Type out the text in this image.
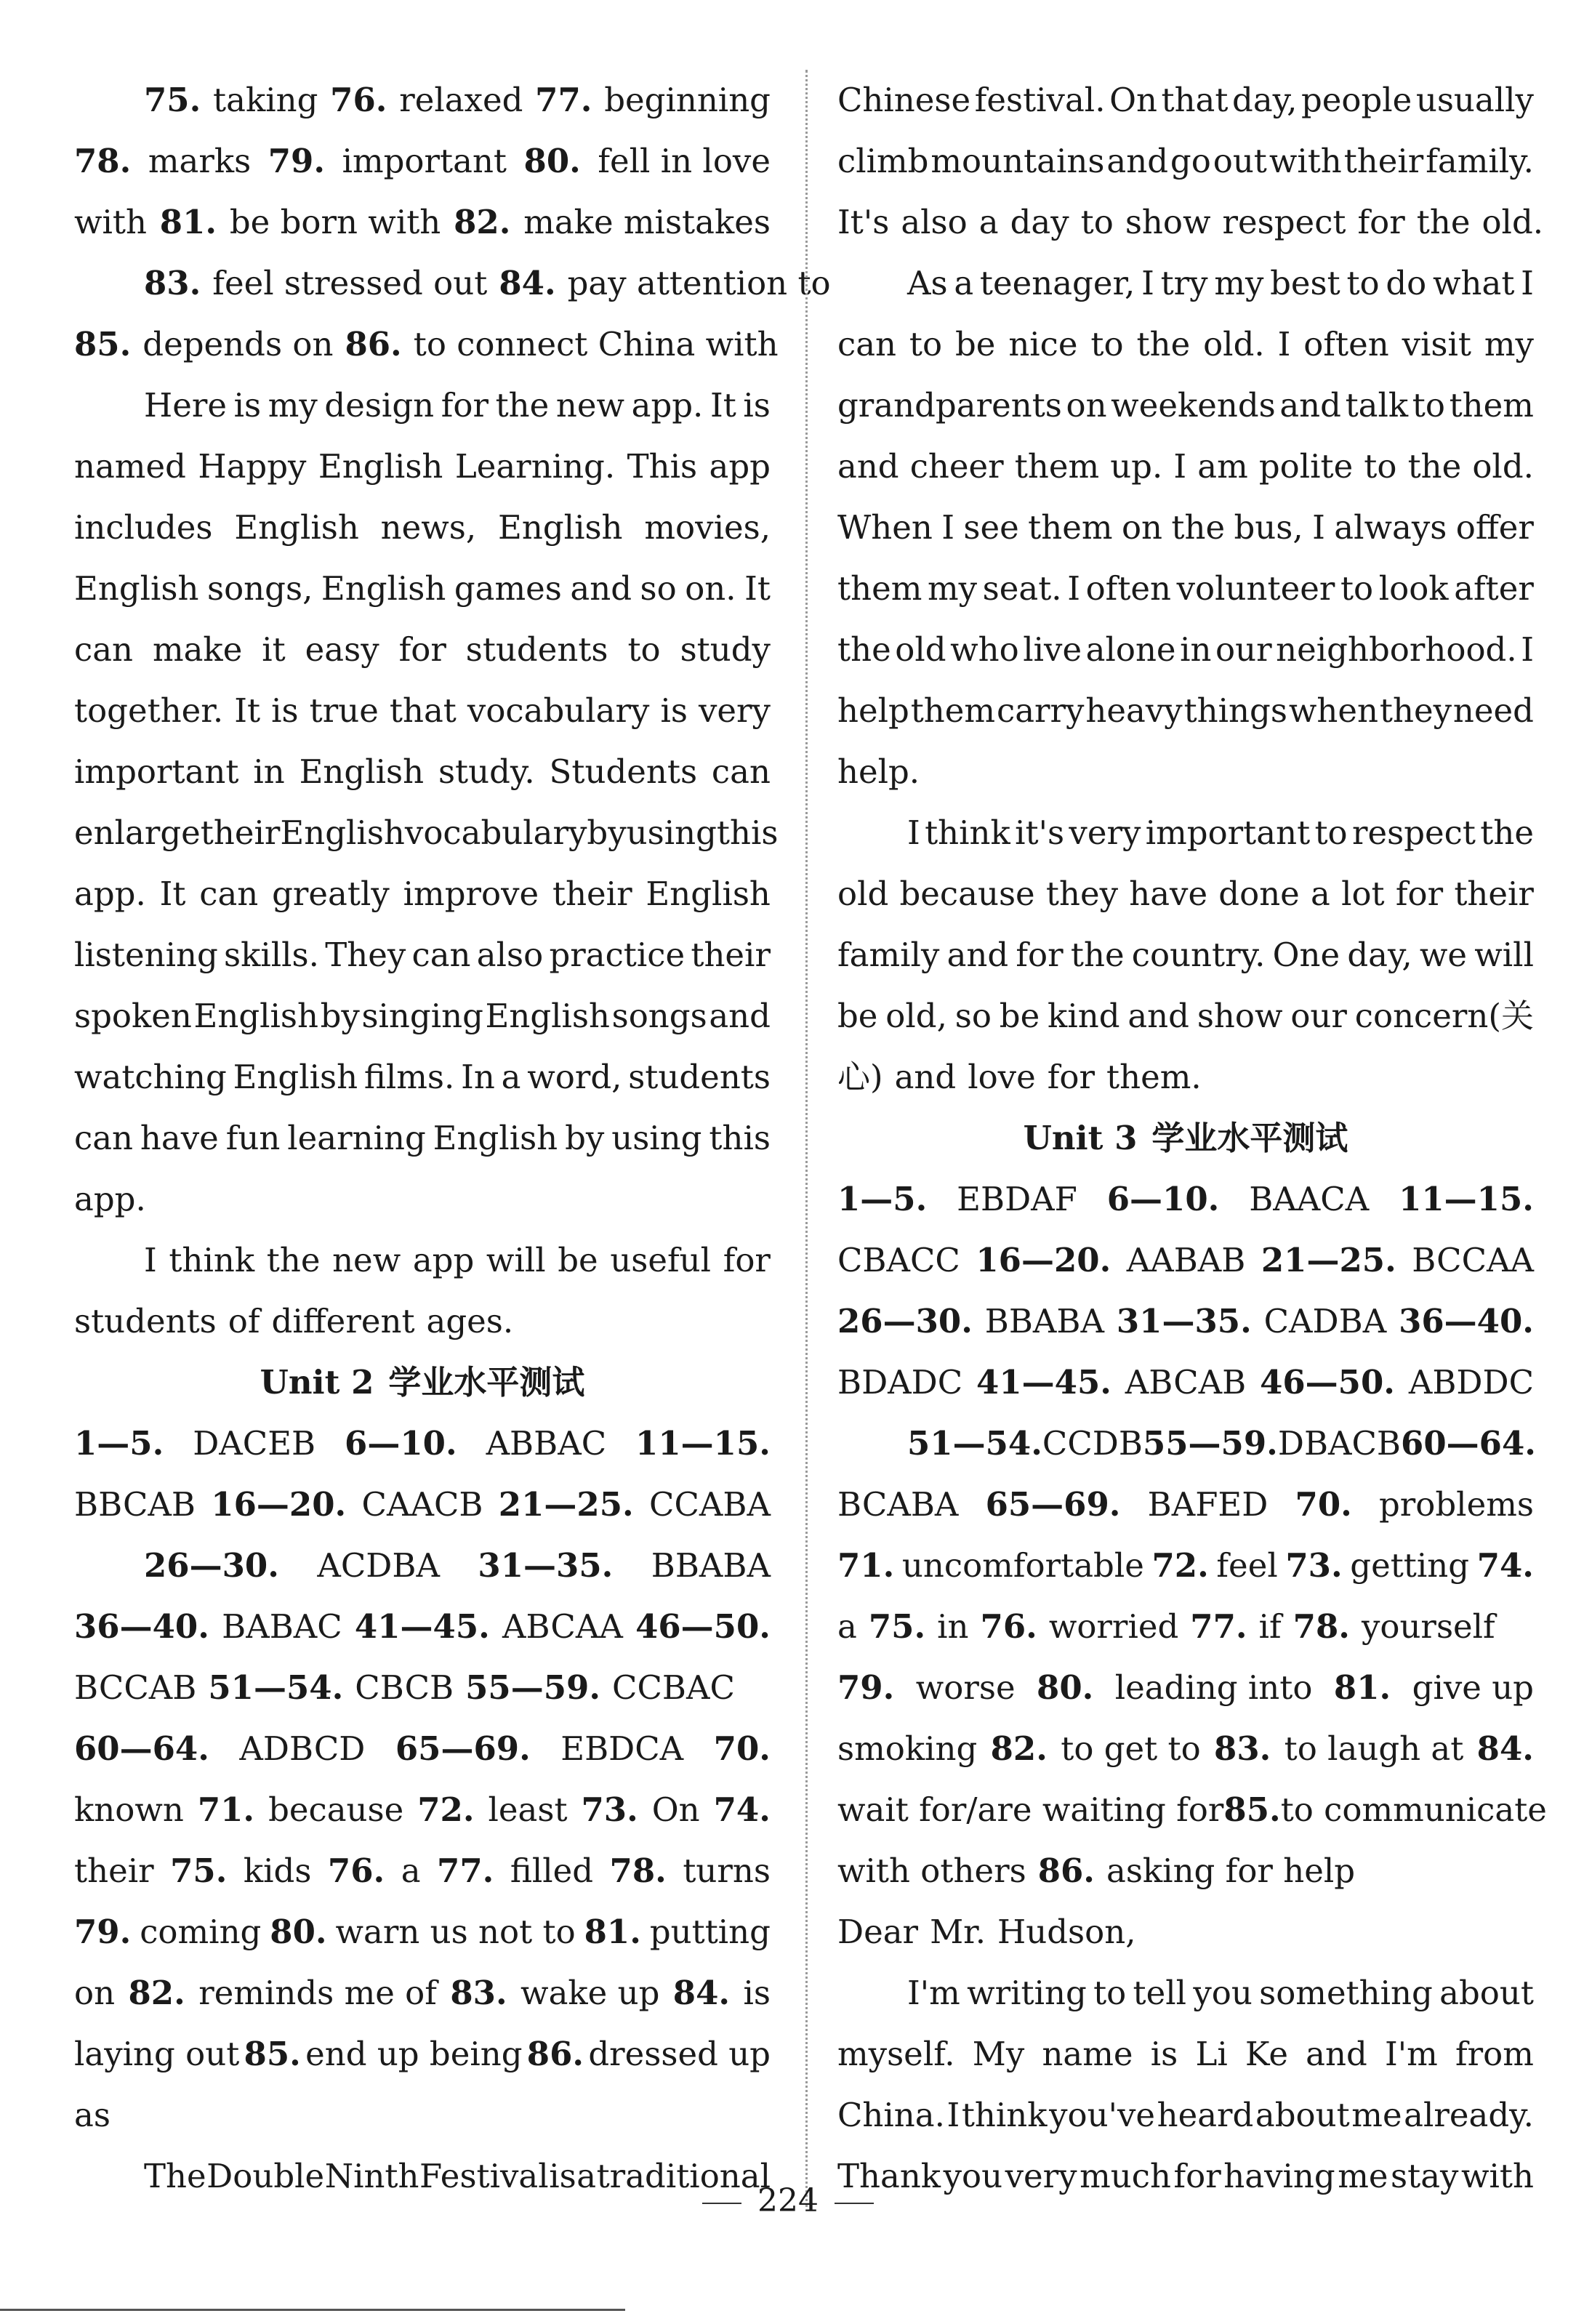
75. taking 76. relaxed 77. beginning
78. marks 79. important 80. fell in love
with 81. be born with 82. make mistakes
83. feel stressed out 84. pay attention to
85. depends on 86. to connect China with
Here is my design for the new app. It is
named Happy English Learning. This app
includes English news, English movies,
English songs, English games and so on. It
can make it easy for students to study
together. It is true that vocabulary is very
important in English study. Students can
enlarge their English vocabulary by using this
app. It can greatly improve their English
listening skills. They can also practice their
spoken English by singing English songs and
watching English films. In a word, students
can have fun learning English by using this
app.
I think the new app will be useful for
students of different ages.
Unit 2 学业水平测试
1—5. DACEB 6—10. ABBAC 11—15.
BBCAB 16—20. CAACB 21—25. CCABA
26—30. ACDBA 31—35. BBABA
36—40. BABAC 41—45. ABCAA 46—50.
BCCAB 51—54. CBCB 55—59. CCBAC
60—64. ADBCD 65—69. EBDCA 70.
known 71. because 72. least 73. On 74.
their 75. kids 76. a 77. filled 78. turns
79. coming 80. warn us not to 81. putting
on 82. reminds me of 83. wake up 84. is
laying out 85. end up being 86. dressed up
as
The Double Ninth Festival is a traditional
Chinese festival. On that day, people usually
climb mountains and go out with their family.
It's also a day to show respect for the old.
As a teenager, I try my best to do what I
can to be nice to the old. I often visit my
grandparents on weekends and talk to them
and cheer them up. I am polite to the old.
When I see them on the bus, I always offer
them my seat. I often volunteer to look after
the old who live alone in our neighborhood. I
help them carry heavy things when they need
help.
I think it's very important to respect the
old because they have done a lot for their
family and for the country. One day, we will
be old, so be kind and show our concern(关
心) and love for them.
Unit 3 学业水平测试
1—5. EBDAF 6—10. BAACA 11—15.
CBACC 16—20. AABAB 21—25. BCCAA
26—30. BBABA 31—35. CADBA 36—40.
BDADC 41—45. ABCAB 46—50. ABDDC
51—54. CCDB 55—59. DBACB 60—64.
BCABA 65—69. BAFED 70. problems
71. uncomfortable 72. feel 73. getting 74.
a 75. in 76. worried 77. if 78. yourself
79. worse 80. leading into 81. give up
smoking 82. to get to 83. to laugh at 84.
wait for/are waiting for 85. to communicate
with others 86. asking for help
Dear Mr. Hudson,
I'm writing to tell you something about
myself. My name is Li Ke and I'm from
China. I think you've heard about me already.
Thank you very much for having me stay with
224
